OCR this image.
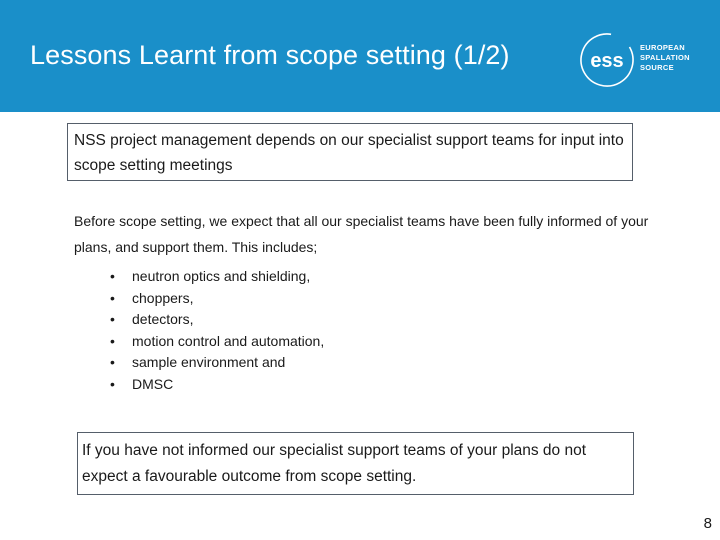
Lessons Learnt from scope setting (1/2)	ess
EUROPEAN
SPALLATION
SOURCE
NSS project management depends on our specialist support teams for input into scope setting meetings
Before scope setting, we expect that all our specialist teams have been fully informed of your plans, and support them. This includes;
• neutron optics and shielding,
• choppers,
• detectors,
• motion control and automation,
• sample environment and
• DMSC
If you have not informed our specialist support teams of your plans do not expect a favourable outcome from scope setting.
8
